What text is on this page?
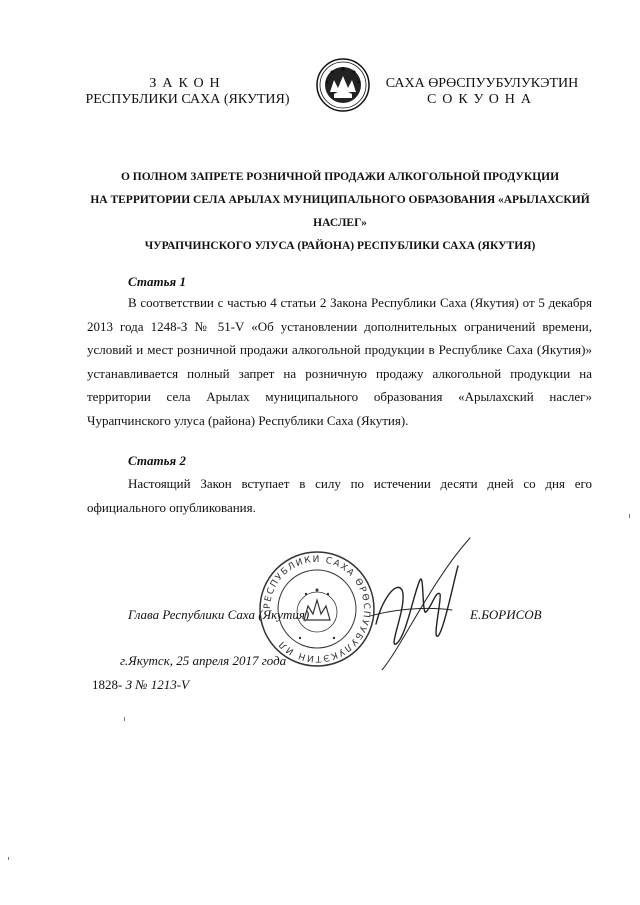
ЗАКОН
РЕСПУБЛИКИ САХА (ЯКУТИЯ)
САХА ӨРӨСПУУБУЛУКЭТИН
СОКУОНА
О ПОЛНОМ ЗАПРЕТЕ РОЗНИЧНОЙ ПРОДАЖИ АЛКОГОЛЬНОЙ ПРОДУКЦИИ
НА ТЕРРИТОРИИ СЕЛА АРЫЛАХ МУНИЦИПАЛЬНОГО ОБРАЗОВАНИЯ «АРЫЛАХСКИЙ НАСЛЕГ»
ЧУРАПЧИНСКОГО УЛУСА (РАЙОНА) РЕСПУБЛИКИ САХА (ЯКУТИЯ)
Статья 1
В соответствии с частью 4 статьи 2 Закона Республики Саха (Якутия) от 5 декабря 2013 года 1248-З № 51-V «Об установлении дополнительных ограничений времени, условий и мест розничной продажи алкогольной продукции в Республике Саха (Якутия)» устанавливается полный запрет на розничную продажу алкогольной продукции на территории села Арылах муниципального образования «Арылахский наслег» Чурапчинского улуса (района) Республики Саха (Якутия).
Статья 2
Настоящий Закон вступает в силу по истечении десяти дней со дня его официального опубликования.
Глава Республики Саха (Якутия)	Е.БОРИСОВ
РЕСПУБЛИКИ САХА ӨРӨСПУУБУЛУКЭТИН ИЛ
г.Якутск, 25 апреля 2017 года
1828- З № 1213-V
